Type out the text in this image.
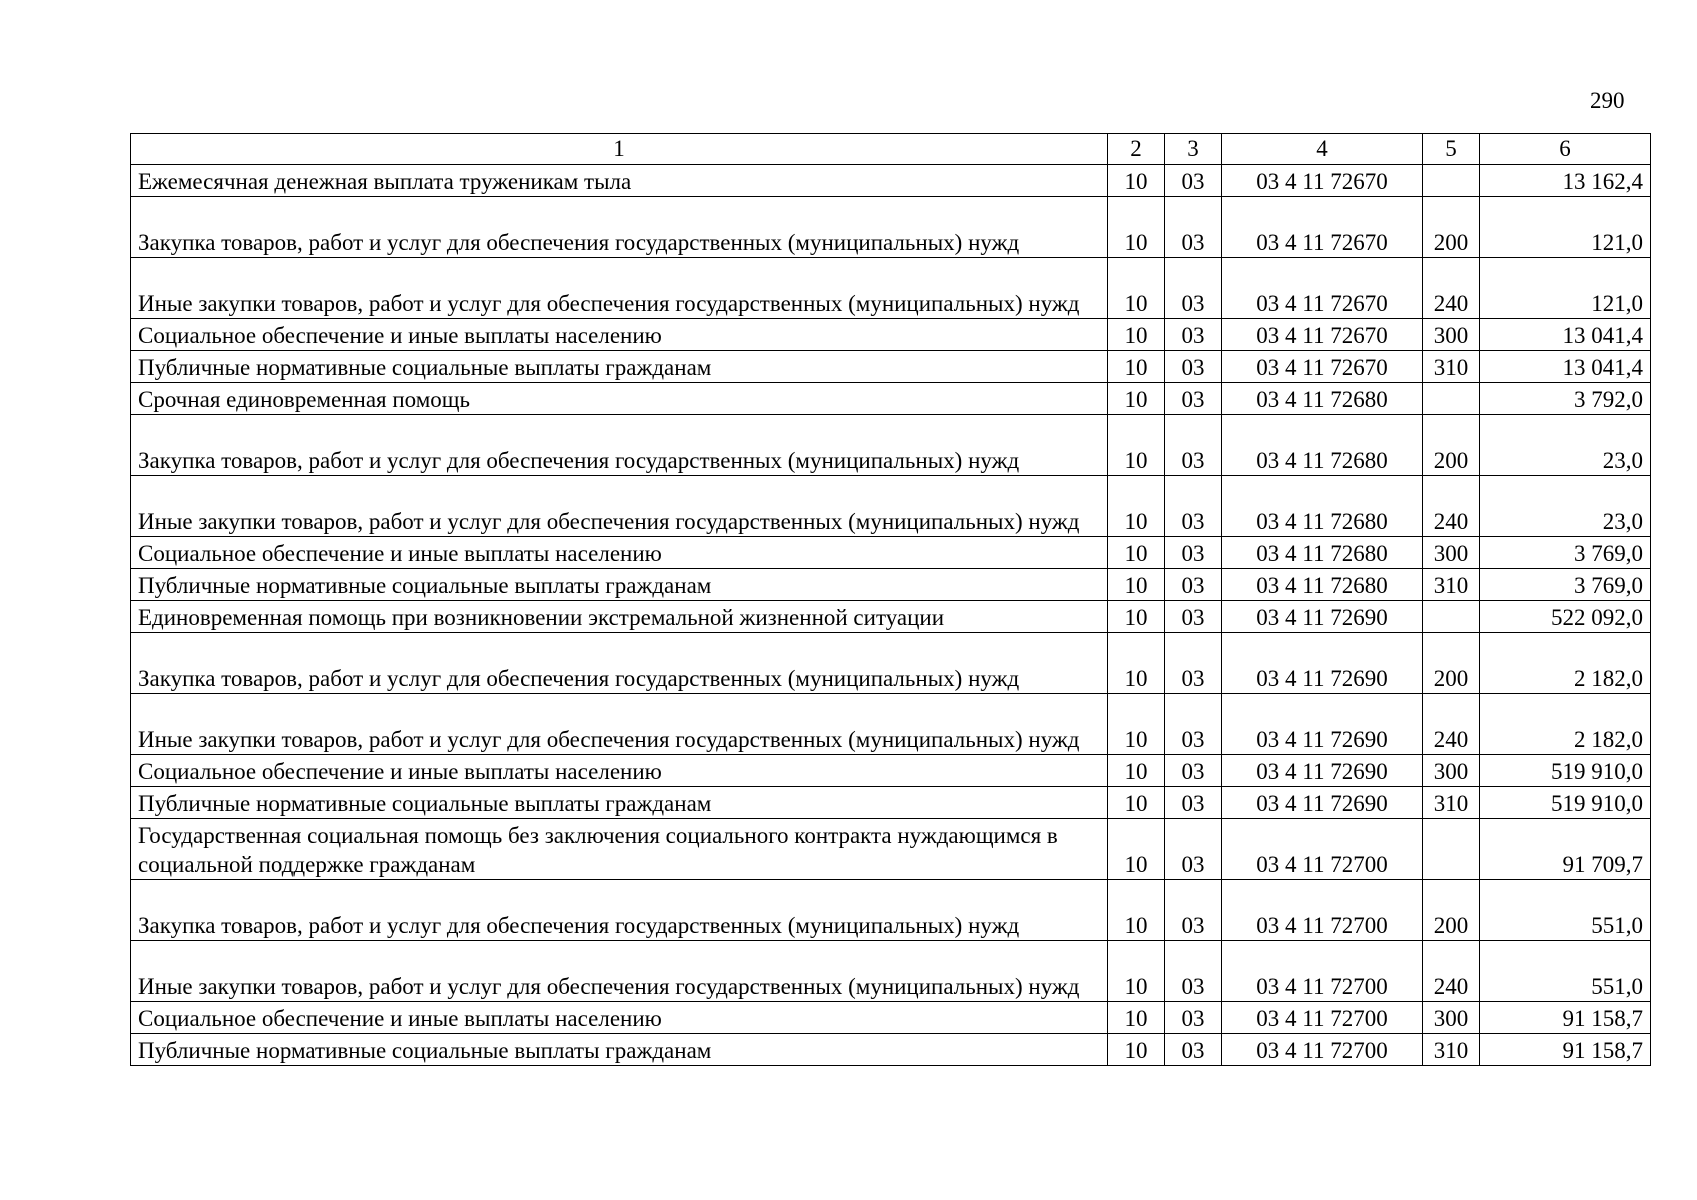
290
1	2	3	4	5	6
Ежемесячная денежная выплата труженикам тыла	10	03	03 4 11 72670		13 162,4
Закупка товаров, работ и услуг для обеспечения государственных (муниципальных) нужд	10	03	03 4 11 72670	200	121,0
Иные закупки товаров, работ и услуг для обеспечения государственных (муниципальных) нужд	10	03	03 4 11 72670	240	121,0
Социальное обеспечение и иные выплаты населению	10	03	03 4 11 72670	300	13 041,4
Публичные нормативные социальные выплаты гражданам	10	03	03 4 11 72670	310	13 041,4
Срочная единовременная помощь	10	03	03 4 11 72680		3 792,0
Закупка товаров, работ и услуг для обеспечения государственных (муниципальных) нужд	10	03	03 4 11 72680	200	23,0
Иные закупки товаров, работ и услуг для обеспечения государственных (муниципальных) нужд	10	03	03 4 11 72680	240	23,0
Социальное обеспечение и иные выплаты населению	10	03	03 4 11 72680	300	3 769,0
Публичные нормативные социальные выплаты гражданам	10	03	03 4 11 72680	310	3 769,0
Единовременная помощь при возникновении экстремальной жизненной ситуации	10	03	03 4 11 72690		522 092,0
Закупка товаров, работ и услуг для обеспечения государственных (муниципальных) нужд	10	03	03 4 11 72690	200	2 182,0
Иные закупки товаров, работ и услуг для обеспечения государственных (муниципальных) нужд	10	03	03 4 11 72690	240	2 182,0
Социальное обеспечение и иные выплаты населению	10	03	03 4 11 72690	300	519 910,0
Публичные нормативные социальные выплаты гражданам	10	03	03 4 11 72690	310	519 910,0
Государственная социальная помощь без заключения социального контракта нуждающимся в социальной поддержке гражданам	10	03	03 4 11 72700		91 709,7
Закупка товаров, работ и услуг для обеспечения государственных (муниципальных) нужд	10	03	03 4 11 72700	200	551,0
Иные закупки товаров, работ и услуг для обеспечения государственных (муниципальных) нужд	10	03	03 4 11 72700	240	551,0
Социальное обеспечение и иные выплаты населению	10	03	03 4 11 72700	300	91 158,7
Публичные нормативные социальные выплаты гражданам	10	03	03 4 11 72700	310	91 158,7
